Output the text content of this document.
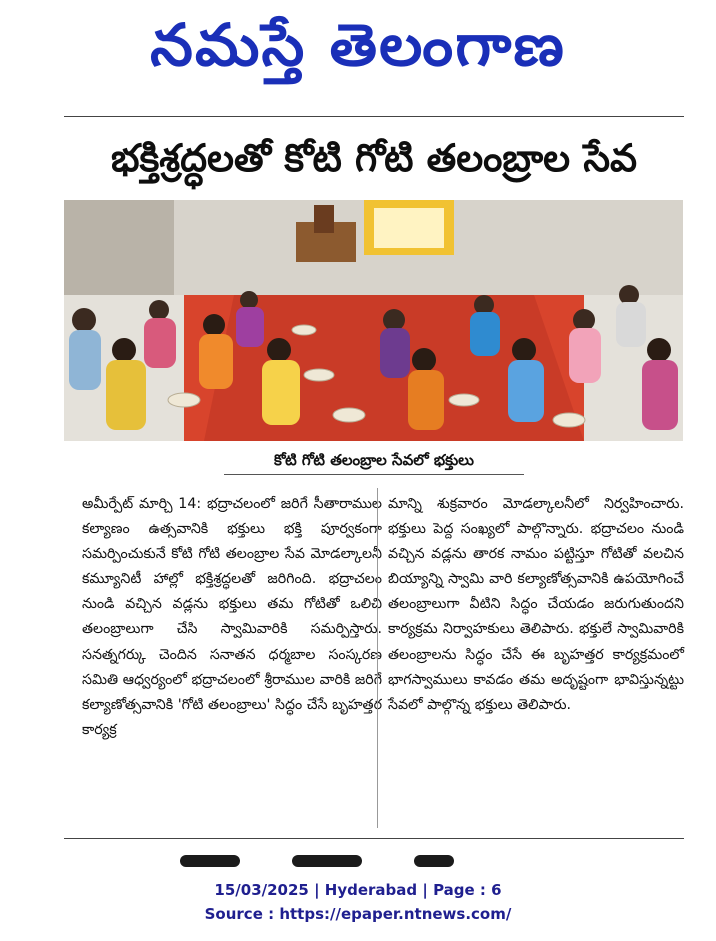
నమస్తే తెలంగాణ
భక్తిశ్రద్ధలతో కోటి గోటి తలంబ్రాల సేవ
కోటి గోటి తలంబ్రాల సేవలో భక్తులు
అమీర్పేట్ మార్చి 14: భద్రాచలంలో జరిగే సీతారాముల కల్యాణం ఉత్సవానికి భక్తులు భక్తి పూర్వకంగా సమర్పించుకునే కోటి గోటి తలంబ్రాల సేవ మోడల్కాలనీ కమ్యూనిటీ హాల్లో భక్తిశ్రద్ధలతో జరిగింది. భద్రాచలం నుండి వచ్చిన వడ్లను భక్తులు తమ గోటితో ఒలిచి తలంబ్రాలుగా చేసి స్వామివారికి సమర్పిస్తారు. సనత్నగర్కు చెందిన సనాతన ధర్మబాల సంస్కరణ సమితి ఆధ్వర్యంలో భద్రాచలంలో శ్రీరాముల వారికి జరిగే కల్యాణోత్సవానికి 'గోటి తలంబ్రాలు' సిద్ధం చేసే బృహత్తర కార్యక్ర
మాన్ని శుక్రవారం మోడల్కాలనీలో నిర్వహించారు. భక్తులు పెద్ద సంఖ్యలో పాల్గొన్నారు. భద్రాచలం నుండి వచ్చిన వడ్లను తారక నామం పట్టిస్తూ గోటితో వలచిన బియ్యాన్ని స్వామి వారి కల్యాణోత్సవానికి ఉపయోగించే తలంబ్రాలుగా వీటిని సిద్ధం చేయడం జరుగుతుందని కార్యక్రమ నిర్వాహకులు తెలిపారు. భక్తులే స్వామివారికి తలంబ్రాలను సిద్ధం చేసే ఈ బృహత్తర కార్యక్రమంలో భాగస్వాములు కావడం తమ అదృష్టంగా భావిస్తున్నట్టు సేవలో పాల్గొన్న భక్తులు తెలిపారు.
15/03/2025 | Hyderabad | Page : 6
Source : https://epaper.ntnews.com/
